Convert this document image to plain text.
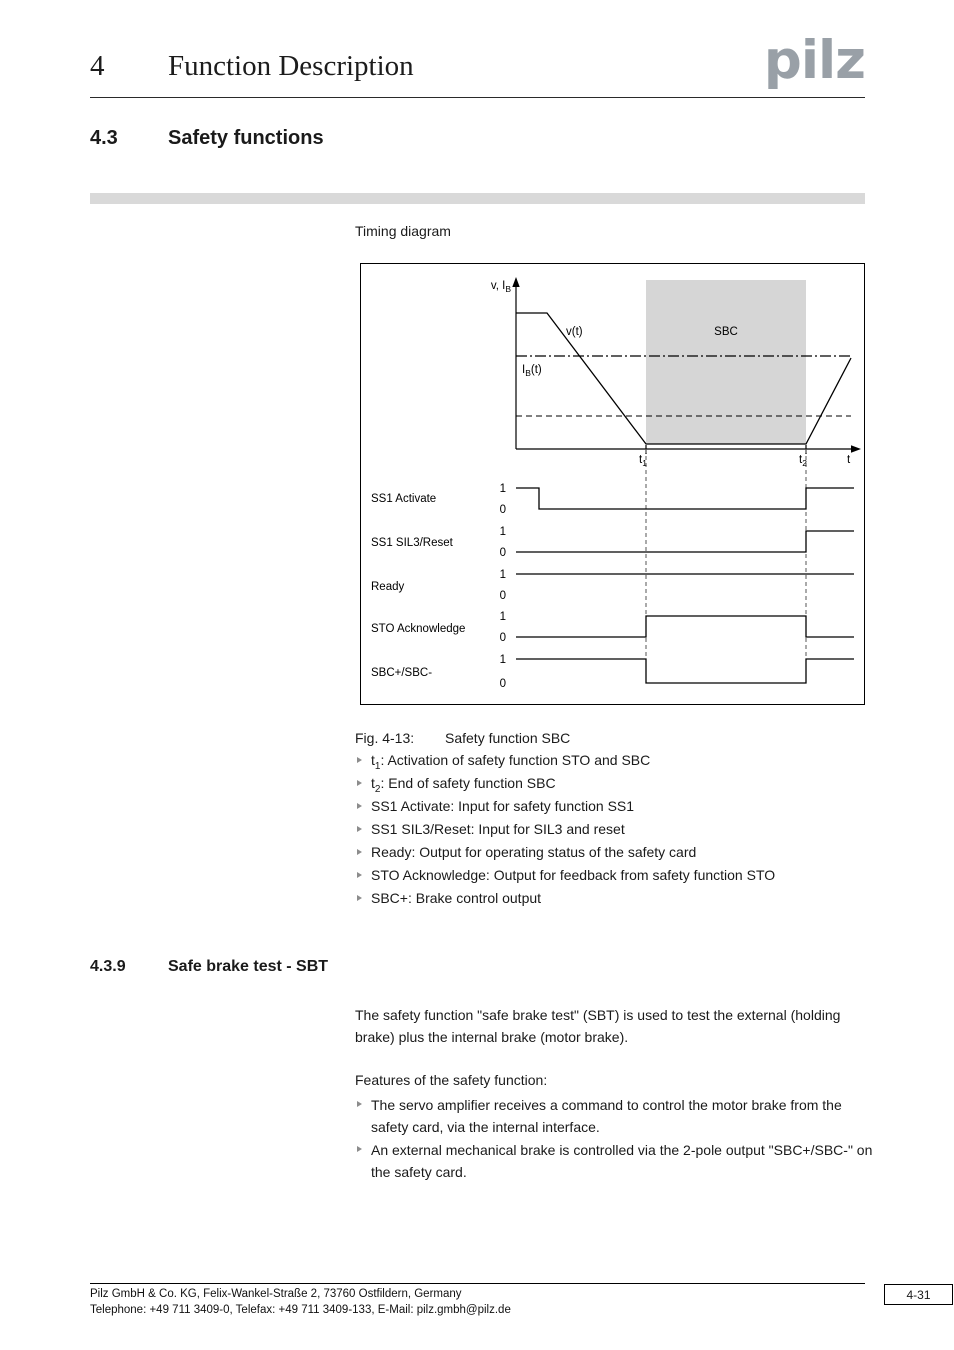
4 Function Description	pilz
4.3	Safety functions
Timing diagram
v, $I_B$
v(t)
$I_B(t)$
SBC
$t_1$	$t_2$	t
1
0
1
0
1
0
1
0
1
0
SS1 Activate
SS1 SIL3/Reset
Ready
STO Acknowledge
SBC+/SBC-
Fig. 4-13: Safety function SBC
$t_1$: Activation of safety function STO and SBC
$t_2$: End of safety function SBC
SS1 Activate: Input for safety function SS1
SS1 SIL3/Reset: Input for SIL3 and reset
Ready: Output for operating status of the safety card
STO Acknowledge: Output for feedback from safety function STO
SBC+: Brake control output
4.3.9	Safe brake test - SBT
The safety function "safe brake test" (SBT) is used to test the external (holding brake) plus the internal brake (motor brake).
Features of the safety function:
The servo amplifier receives a command to control the motor brake from the safety card, via the internal interface.
An external mechanical brake is controlled via the 2-pole output "SBC+/SBC-" on the safety card.
Pilz GmbH & Co. KG, Felix-Wankel-Straße 2, 73760 Ostfildern, Germany
Telephone: +49 711 3409-0, Telefax: +49 711 3409-133, E-Mail: pilz.gmbh@pilz.de
4-31
